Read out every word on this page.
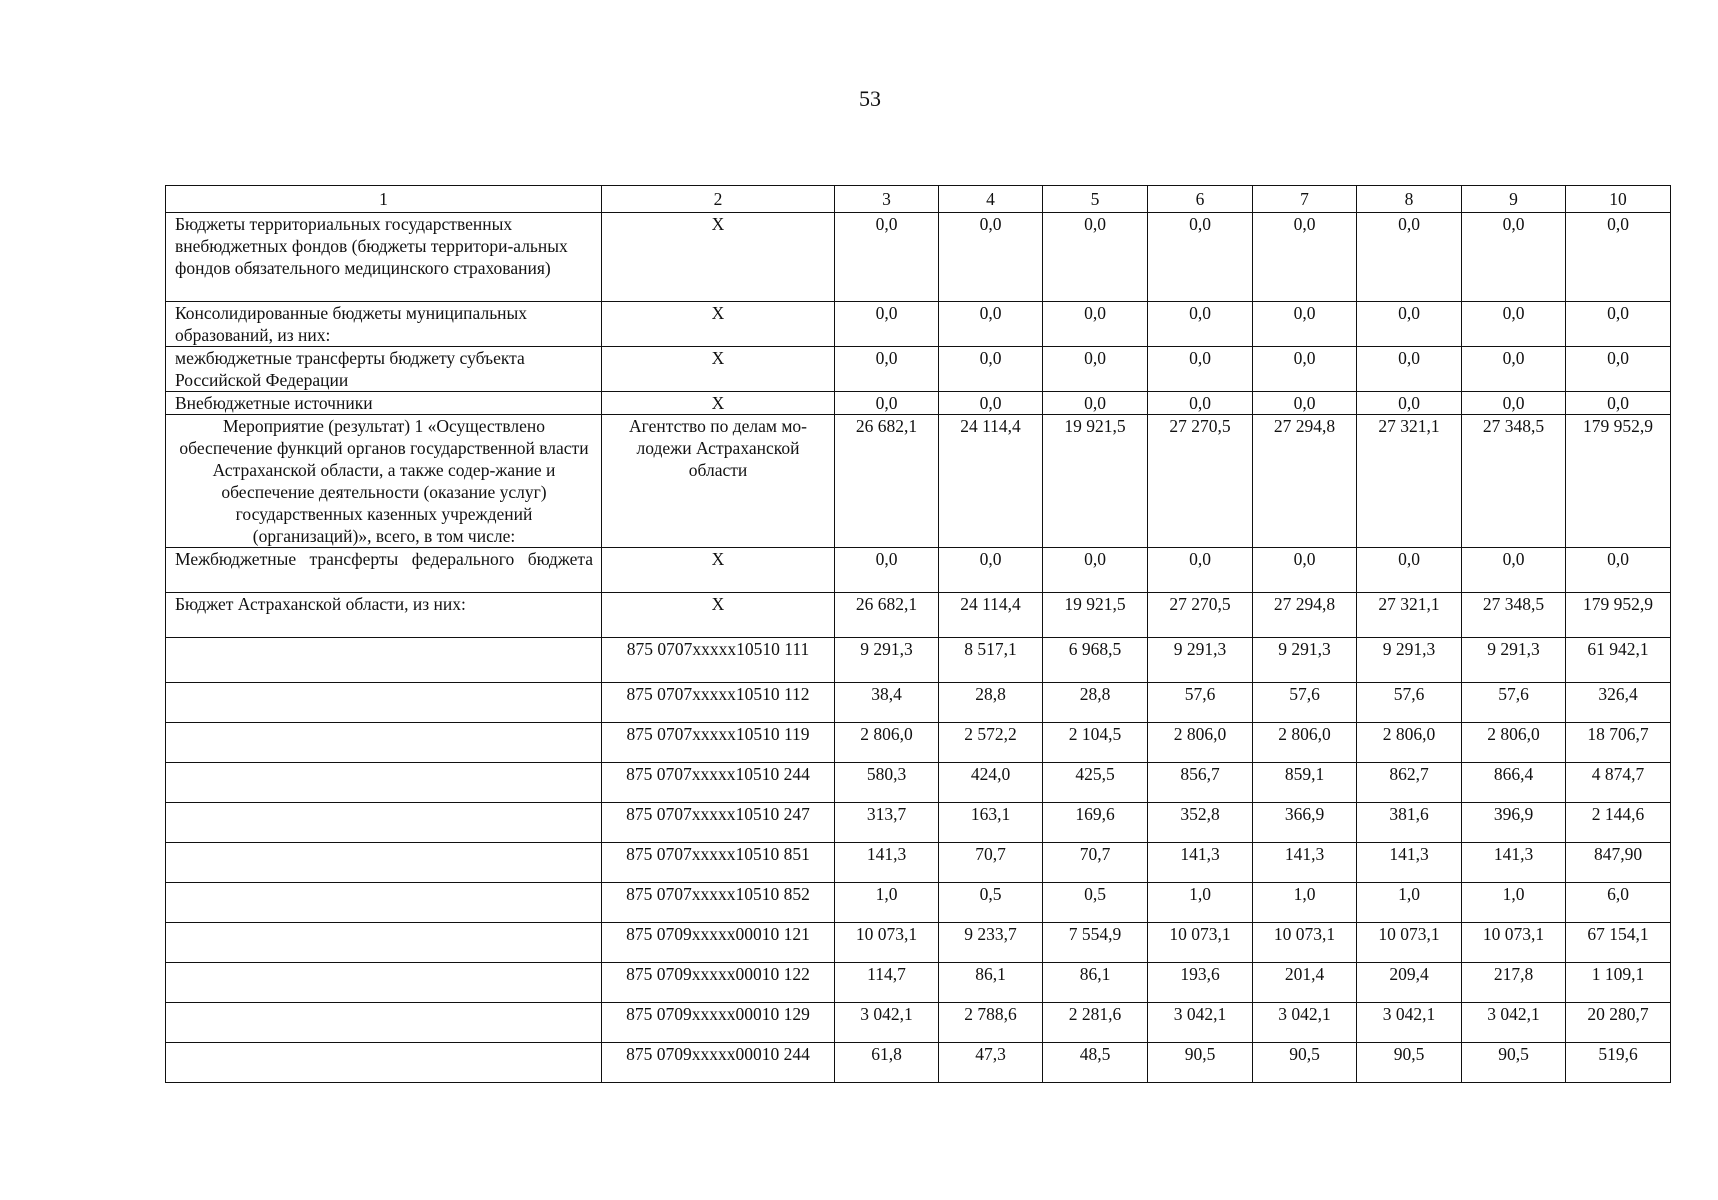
53
1	2	3	4	5	6	7	8	9	10
Бюджеты территориальных государственных внебюджетных фондов (бюджеты территори-альных фондов обязательного медицинского страхования)	X	0,0	0,0	0,0	0,0	0,0	0,0	0,0	0,0
Консолидированные бюджеты муниципальных образований, из них:	X	0,0	0,0	0,0	0,0	0,0	0,0	0,0	0,0
межбюджетные трансферты бюджету субъекта Российской Федерации	X	0,0	0,0	0,0	0,0	0,0	0,0	0,0	0,0
Внебюджетные источники	X	0,0	0,0	0,0	0,0	0,0	0,0	0,0	0,0
Мероприятие (результат) 1 «Осуществлено обеспечение функций органов государственной власти Астраханской области, а также содер-жание и обеспечение деятельности (оказание услуг) государственных казенных учреждений (организаций)», всего, в том числе:	Агентство по делам мо-лодежи Астраханской области	26 682,1	24 114,4	19 921,5	27 270,5	27 294,8	27 321,1	27 348,5	179 952,9
Межбюджетные трансферты федерального бюджета	X	0,0	0,0	0,0	0,0	0,0	0,0	0,0	0,0
Бюджет Астраханской области, из них:	X	26 682,1	24 114,4	19 921,5	27 270,5	27 294,8	27 321,1	27 348,5	179 952,9
	875 0707xxxxx10510 111	9 291,3	8 517,1	6 968,5	9 291,3	9 291,3	9 291,3	9 291,3	61 942,1
	875 0707xxxxx10510 112	38,4	28,8	28,8	57,6	57,6	57,6	57,6	326,4
	875 0707xxxxx10510 119	2 806,0	2 572,2	2 104,5	2 806,0	2 806,0	2 806,0	2 806,0	18 706,7
	875 0707xxxxx10510 244	580,3	424,0	425,5	856,7	859,1	862,7	866,4	4 874,7
	875 0707xxxxx10510 247	313,7	163,1	169,6	352,8	366,9	381,6	396,9	2 144,6
	875 0707xxxxx10510 851	141,3	70,7	70,7	141,3	141,3	141,3	141,3	847,90
	875 0707xxxxx10510 852	1,0	0,5	0,5	1,0	1,0	1,0	1,0	6,0
	875 0709xxxxx00010 121	10 073,1	9 233,7	7 554,9	10 073,1	10 073,1	10 073,1	10 073,1	67 154,1
	875 0709xxxxx00010 122	114,7	86,1	86,1	193,6	201,4	209,4	217,8	1 109,1
	875 0709xxxxx00010 129	3 042,1	2 788,6	2 281,6	3 042,1	3 042,1	3 042,1	3 042,1	20 280,7
	875 0709xxxxx00010 244	61,8	47,3	48,5	90,5	90,5	90,5	90,5	519,6
